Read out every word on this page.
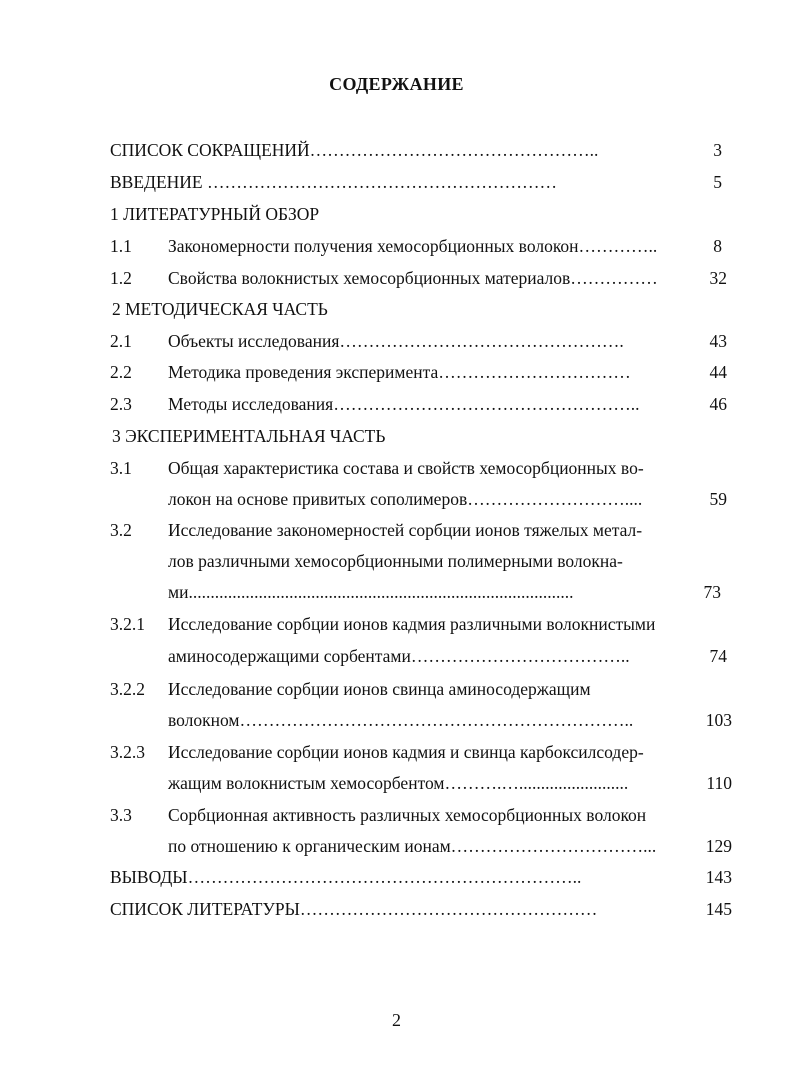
СОДЕРЖАНИЕ
СПИСОК СОКРАЩЕНИЙ…………………………………………..	3
ВВЕДЕНИЕ ……………………………………………………	5
1 ЛИТЕРАТУРНЫЙ ОБЗОР
1.1 Закономерности получения хемосорбционных волокон…………..	8
1.2 Свойства волокнистых хемосорбционных материалов……………	32
2 МЕТОДИЧЕСКАЯ ЧАСТЬ
2.1 Объекты исследования………………………………………….	43
2.2 Методика проведения эксперимента……………………………	44
2.3 Методы исследования……………………………………………..	46
3 ЭКСПЕРИМЕНТАЛЬНАЯ ЧАСТЬ
3.1 Общая характеристика состава и свойств хемосорбционных во-
локон на основе привитых сополимеров………………………....	59
3.2 Исследование закономерностей сорбции ионов тяжелых метал-
лов различными хемосорбционными полимерными волокна-
ми........................................................................................	73
3.2.1 Исследование сорбции ионов кадмия различными волокнистыми
аминосодержащими сорбентами………………………………..	74
3.2.2 Исследование сорбции ионов свинца аминосодержащим
волокном…………………………………………………………..	103
3.2.3 Исследование сорбции ионов кадмия и свинца карбоксилсодер-
жащим волокнистым хемосорбентом……….….........................	110
3.3 Сорбционная активность различных хемосорбционных волокон
по отношению к органическим ионам……………………………...	129
ВЫВОДЫ…………………………………………………………..	143
СПИСОК ЛИТЕРАТУРЫ……………………………………………	145
2
